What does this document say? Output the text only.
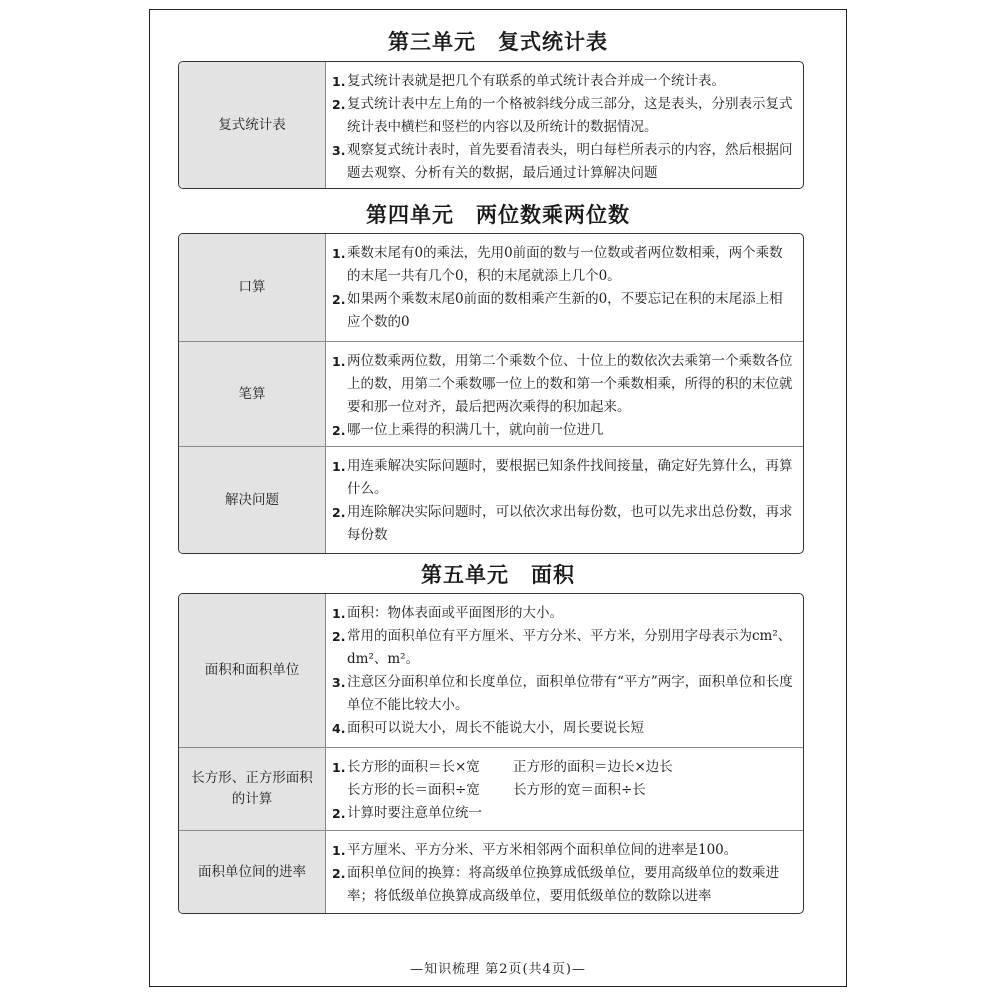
第三单元　复式统计表
复式统计表
1. 复式统计表就是把几个有联系的单式统计表合并成一个统计表。
2. 复式统计表中左上角的一个格被斜线分成三部分，这是表头，分别表示复式统计表中横栏和竖栏的内容以及所统计的数据情况。
3. 观察复式统计表时，首先要看清表头，明白每栏所表示的内容，然后根据问题去观察、分析有关的数据，最后通过计算解决问题
第四单元　两位数乘两位数
口算
1. 乘数末尾有0的乘法，先用0前面的数与一位数或者两位数相乘，两个乘数的末尾一共有几个0，积的末尾就添上几个0。
2. 如果两个乘数末尾0前面的数相乘产生新的0，不要忘记在积的末尾添上相应个数的0
笔算
1. 两位数乘两位数，用第二个乘数个位、十位上的数依次去乘第一个乘数各位上的数，用第二个乘数哪一位上的数和第一个乘数相乘，所得的积的末位就要和那一位对齐，最后把两次乘得的积加起来。
2. 哪一位上乘得的积满几十，就向前一位进几
解决问题
1. 用连乘解决实际问题时，要根据已知条件找间接量，确定好先算什么，再算什么。
2. 用连除解决实际问题时，可以依次求出每份数，也可以先求出总份数，再求每份数
第五单元　面积
面积和面积单位
1. 面积：物体表面或平面图形的大小。
2. 常用的面积单位有平方厘米、平方分米、平方米，分别用字母表示为cm²、dm²、m²。
3. 注意区分面积单位和长度单位，面积单位带有“平方”两字，面积单位和长度单位不能比较大小。
4. 面积可以说大小，周长不能说大小，周长要说长短
长方形、正方形面积的计算
1. 长方形的面积＝长×宽	正方形的面积＝边长×边长
长方形的长＝面积÷宽	长方形的宽＝面积÷长
2. 计算时要注意单位统一
面积单位间的进率
1. 平方厘米、平方分米、平方米相邻两个面积单位间的进率是100。
2. 面积单位间的换算：将高级单位换算成低级单位，要用高级单位的数乘进率；将低级单位换算成高级单位，要用低级单位的数除以进率
—知识梳理 第2页(共4页)—
